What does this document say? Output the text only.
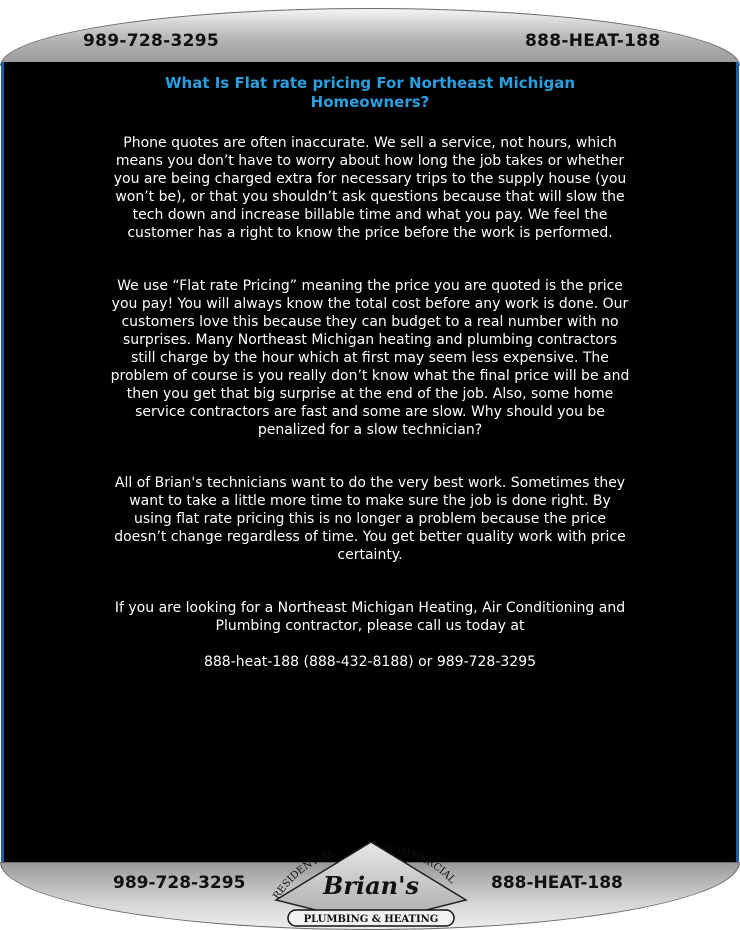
989-728-3295	888-HEAT-188
What Is Flat rate pricing For Northeast Michigan Homeowners?

Phone quotes are often inaccurate. We sell a service, not hours, which means you don’t have to worry about how long the job takes or whether you are being charged extra for necessary trips to the supply house (you won’t be), or that you shouldn’t ask questions because that will slow the tech down and increase billable time and what you pay. We feel the customer has a right to know the price before the work is performed.

We use “Flat rate Pricing” meaning the price you are quoted is the price you pay! You will always know the total cost before any work is done. Our customers love this because they can budget to a real number with no surprises. Many Northeast Michigan heating and plumbing contractors still charge by the hour which at first may seem less expensive. The problem of course is you really don’t know what the final price will be and then you get that big surprise at the end of the job. Also, some home service contractors are fast and some are slow. Why should you be penalized for a slow technician?

All of Brian's technicians want to do the very best work. Sometimes they want to take a little more time to make sure the job is done right. By using flat rate pricing this is no longer a problem because the price doesn’t change regardless of time. You get better quality work with price certainty.

If you are looking for a Northeast Michigan Heating, Air Conditioning and Plumbing contractor, please call us today at

888-heat-188 (888-432-8188) or 989-728-3295

989-728-3295	888-HEAT-188
RESIDENTIAL	COMMERCIAL
Brian's
PLUMBING & HEATING
